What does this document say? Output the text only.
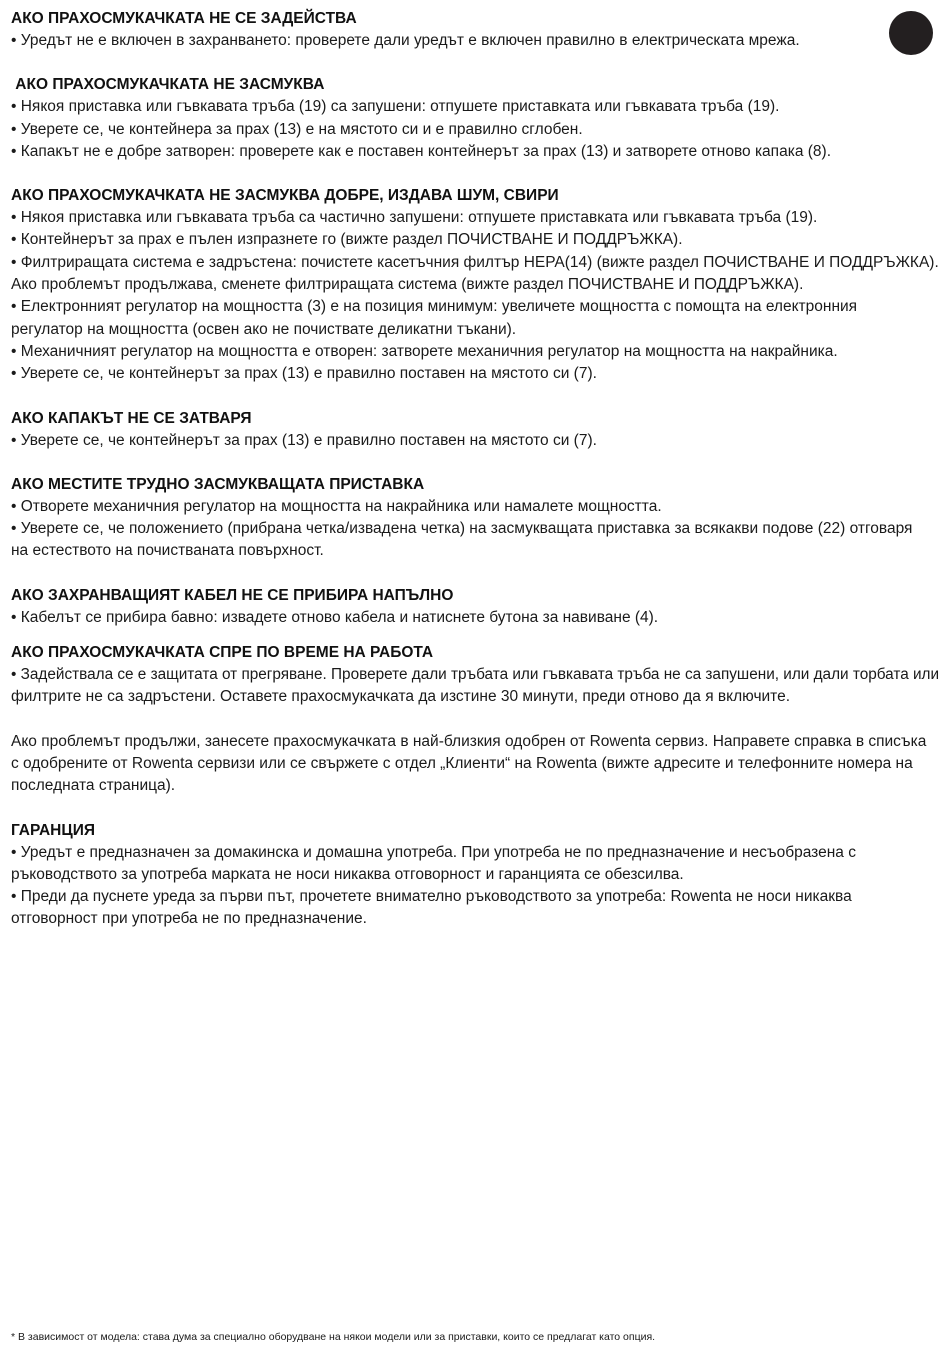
АКО ПРАХОСМУКАЧКАТА НЕ СЕ ЗАДЕЙСТВА

• Уредът не е включен в захранването: проверете дали уредът е включен правилно в електрическата мрежа.

АКО ПРАХОСМУКАЧКАТА НЕ ЗАСМУКВА

• Някоя приставка или гъвкавата тръба (19) са запушени: отпушете приставката или гъвкавата тръба (19).

• Уверете се, че контейнера за прах (13) е на мястото си и е правилно сглобен.

• Капакът не е добре затворен: проверете как е поставен контейнерът за прах (13) и затворете отново капака (8).

АКО ПРАХОСМУКАЧКАТА НЕ ЗАСМУКВА ДОБРЕ, ИЗДАВА ШУМ, СВИРИ

• Някоя приставка или гъвкавата тръба са частично запушени: отпушете приставката или гъвкавата тръба (19).

• Контейнерът за прах е пълен изпразнете го (вижте раздел ПОЧИСТВАНЕ И ПОДДРЪЖКА).

• Филтриращата система е задръстена: почистете касетъчния филтър HEPA(14) (вижте раздел ПОЧИСТВАНЕ И ПОДДРЪЖКА).

Ако проблемът продължава, сменете филтриращата система (вижте раздел ПОЧИСТВАНЕ И ПОДДРЪЖКА).

• Електронният регулатор на мощността (3) е на позиция минимум: увеличете мощността с помощта на електронния

регулатор на мощността (освен ако не почиствате деликатни тъкани).

• Механичният регулатор на мощността е отворен: затворете механичния регулатор на мощността на накрайника.

• Уверете се, че контейнерът за прах (13) е правилно поставен на мястото си (7).

АКО КАПАКЪТ НЕ СЕ ЗАТВАРЯ

• Уверете се, че контейнерът за прах (13) е правилно поставен на мястото си (7).

АКО МЕСТИТЕ ТРУДНО ЗАСМУКВАЩАТА ПРИСТАВКА

• Отворете механичния регулатор на мощността на накрайника или намалете мощността.

• Уверете се, че положението (прибрана четка/извадена четка) на засмукващата приставка за всякакви подове (22) отговаря

на естеството на почистваната повърхност.

АКО ЗАХРАНВАЩИЯТ КАБЕЛ НЕ СЕ ПРИБИРА НАПЪЛНО

• Кабелът се прибира бавно: извадете отново кабела и натиснете бутона за навиване (4).

АКО ПРАХОСМУКАЧКАТА СПРЕ ПО ВРЕМЕ НА РАБОТА

• Задействала се е защитата от прегряване. Проверете дали тръбата или гъвкавата тръба не са запушени, или дали торбата или

филтрите не са задръстени. Оставете прахосмукачката да изстине 30 минути, преди отново да я включите.

Ако проблемът продължи, занесете прахосмукачката в най-близкия одобрен от Rowenta сервиз. Направете справка в списъка

с одобрените от Rowenta сервизи или се свържете с отдел „Клиенти“ на Rowenta (вижте адресите и телефонните номера на

последната страница).

ГАРАНЦИЯ

• Уредът е предназначен за домакинска и домашна употреба. При употреба не по предназначение и несъобразена с

ръководството за употреба марката не носи никаква отговорност и гаранцията се обезсилва.

• Преди да пуснете уреда за първи път, прочетете внимателно ръководството за употреба: Rowenta не носи никаква

отговорност при употреба не по предназначение.

* В зависимост от модела: става дума за специално оборудване на някои модели или за приставки, които се предлагат като опция.
